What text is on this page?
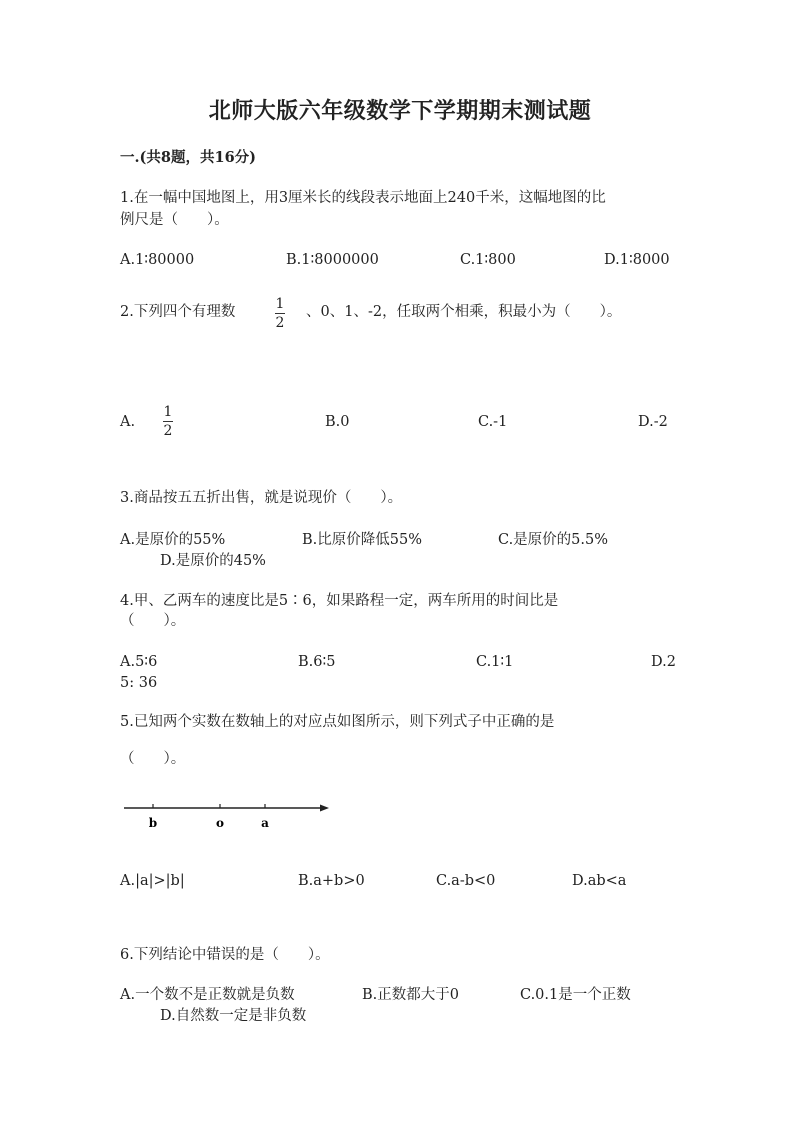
北师大版六年级数学下学期期末测试题
一.(共8题，共16分)
1.在一幅中国地图上，用3厘米长的线段表示地面上240千米，这幅地图的比
例尺是（　　）。
A.1∶80000	B.1∶8000000	C.1∶800	D.1∶8000
2.下列四个有理数	1
2
、0、1、-2，任取两个相乘，积最小为（　　）。
A.
1
2
B.0	C.-1	D.-2
3.商品按五五折出售，就是说现价（　　）。
A.是原价的55%	B.比原价降低55%	C.是原价的5.5%
D.是原价的45%
4.甲、乙两车的速度比是5∶6，如果路程一定，两车所用的时间比是
（　　）。
A.5∶6	B.6∶5	C.1∶1	D.2
5: 36
5.已知两个实数在数轴上的对应点如图所示，则下列式子中正确的是
（　　）。
b	o	a
A.|a|>|b|	B.a+b>0	C.a-b<0	D.ab<a
6.下列结论中错误的是（　　）。
A.一个数不是正数就是负数	B.正数都大于0	C.0.1是一个正数
D.自然数一定是非负数
